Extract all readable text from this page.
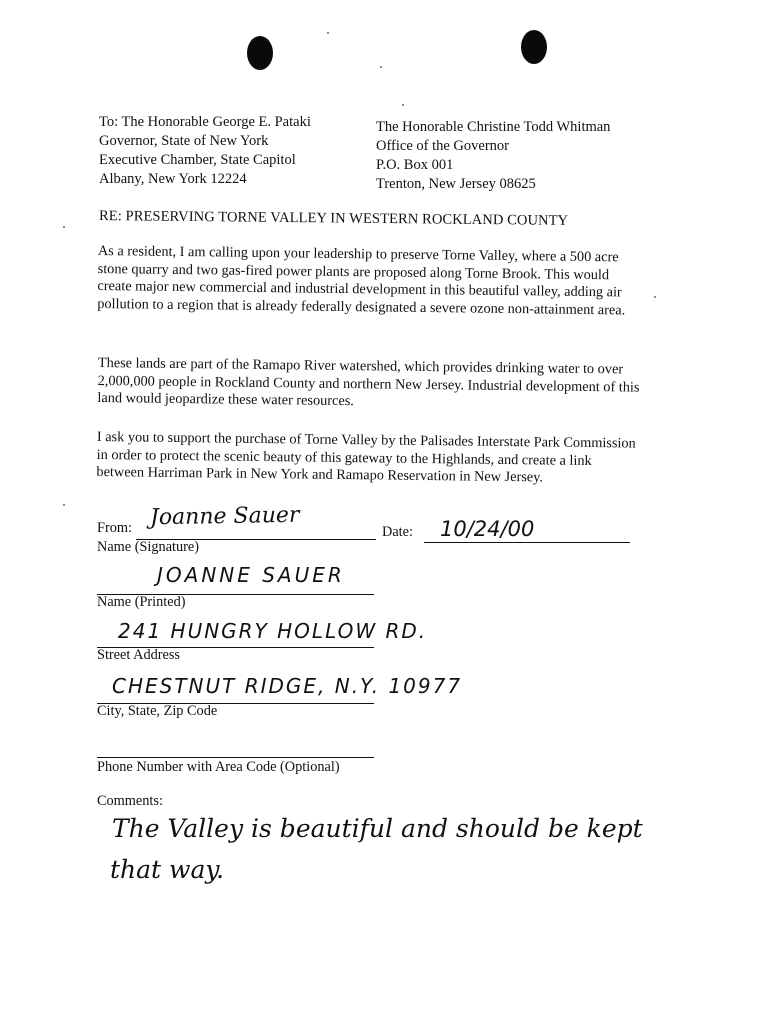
To: The Honorable George E. Pataki
Governor, State of New York
Executive Chamber, State Capitol
Albany, New York 12224
The Honorable Christine Todd Whitman
Office of the Governor
P.O. Box 001
Trenton, New Jersey 08625
RE: PRESERVING TORNE VALLEY IN WESTERN ROCKLAND COUNTY
As a resident, I am calling upon your leadership to preserve Torne Valley, where a 500 acre stone quarry and two gas-fired power plants are proposed along Torne Brook. This would create major new commercial and industrial development in this beautiful valley, adding air pollution to a region that is already federally designated a severe ozone non-attainment area.
These lands are part of the Ramapo River watershed, which provides drinking water to over 2,000,000 people in Rockland County and northern New Jersey. Industrial development of this land would jeopardize these water resources.
I ask you to support the purchase of Torne Valley by the Palisades Interstate Park Commission in order to protect the scenic beauty of this gateway to the Highlands, and create a link between Harriman Park in New York and Ramapo Reservation in New Jersey.
From: Joanne Sauer
Name (Signature)
Date: 10/24/00
JOANNE SAUER
Name (Printed)
241 HUNGRY HOLLOW RD.
Street Address
CHESTNUT RIDGE, N.Y. 10977
City, State, Zip Code
Phone Number with Area Code (Optional)
Comments:
The Valley is beautiful and should be kept
that way.
